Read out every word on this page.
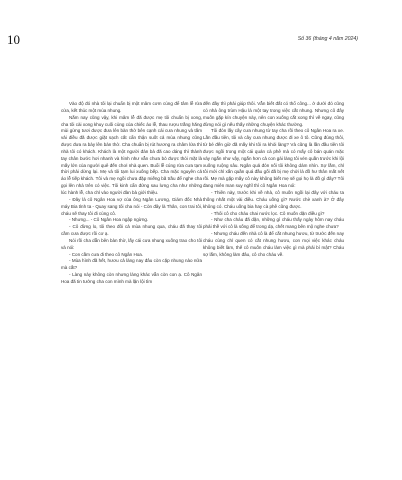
10	Số 36 (tháng 4 năm 2024)

Vào độ đó nhà tôi lại chuẩn bị một mâm cơm cúng để tâm lễ rửa cửa, kết thúc một mùa nhung.

Nắm nay cũng vậy, khi mâm lễ đã được mẹ tôi chuẩn bị xong, cha tôi cài xong khuy cuối cùng của chiếc áo lễ, thau rượu trắng hăng mùi gừng tươi được đưa lên bàn thờ bên cạnh cái cưa nhung và tấm vải điều đã được giặt sạch cất cẩn thận suốt cả mùa nhung cũng được đưa ra bày lên bàn thờ. Cha chuẩn bị rút hương ra châm lửa thì nhà tôi có khách. Khách là một người đàn bà đã cao dáng thì thành tay chân bước hơi nhanh và hình như vẫn chưa bỏ được thói mặt là mấy lớn của người quê đến chơi nhà quen. Buổi lễ cúng rửa cưa tạm thời phải dừng lại. Mẹ và tôi tạm lui xuống bếp. Cha mặc nguyên cả áo lễ tiếp khách. Tôi và mẹ ngồi chưa đặp miếng bã trầu để nghe cha gọi lên nhà trên có việc. Tôi kinh cẩn đứng sau lưng cha như những lúc hành lễ, cha chỉ vào người đàn bà giới thiệu.

- Đây là cô Ngân Hoa vợ của ông Ngân Lương, Giám đốc Nhà máy Bia tỉnh ta - Quay sang tôi cha nói - Còn đây là Thân, con trai tôi, cháu sẽ thay tôi đi cùng cô.

- Nhưng... - Cô Ngân Hoa ngập ngừng.

- Cô đừng lo, tôi theo đôi cả mùa nhung qua, cháu đã thay tôi cầm cưa được rồi cơ ạ.

Nói rồi cha dẫn bên bàn thờ, lấy cái cưa nhung xuống trao cho tôi và nói:

- Con cầm cưa đi theo cô Ngân Hoa.

- Mùa hình đã hết, hươu cả làng nay đâu còn cặp nhung nào nữa mà cắt?

- Làng này không còn nhưng làng khác vẫn còn con ạ. Cô Ngân Hoa đã tin tưởng cha con mình mà lặn lội tìm

đến đây thì phải giúp thôi. Vẫn biết đất có thổ công... ở dưới đó cũng có nhà ông trùm Hậu là một tay trong việc cắt nhung. Nhưng cô đây muốn gặp kín chuyện này, nên con xuống cắt xong thì về ngay, cũng đừng nói gì nếu thấy những chuyện khác thường.

Tôi đón lấy cây cưa nhung từ tay cha rồi theo cô Ngân Hoa ra xe. Lần đầu tiên, tôi và cây cưa nhung được đi xe ô tô. Cũng đúng thôi, từ bé đến giờ đã mấy khi tôi ra khỏi làng? Và cũng là lần đầu tiên tôi được ngồi trong một cái quán cà phê mà có mấy cô bán quán mặc váy ngắn như vậy, ngắn hơn cả con gái làng tôi vén quần trước khi lội xuống ruộng sâu. Ngân quả đón nối tôi không dám nhìn. Sợ lắm, chỉ tôi mới chỉ xắn quần quá đầu gối đã bị mẹ chửi là đồ hư thân mất nết rồi. Mẹ mà gặp mấy cô này không biết mẹ sẽ gọi họ là đồ gì đây? Tôi đang miên man suy nghĩ thì cô Ngân Hoa nói:

- Thiên này, trước khi về nhà, cô muốn ngồi lại đây với cháu ta thống nhất một vài điều. Cháu uống gì? Nước chè xanh à? Ở đây không có. Cháu uống bia hay cà phê cũng được.

- Thôi cô cho cháu chai nước lọc. Cô muốn dặn điều gì?

- Như cha cháu đã dặn, những gì cháu thấy ngày hôm nay cháu phải thề với cô là sống để trong dạ, chết mang bên mộ nghe chưa?

- Nhưng cháu đến nhà cô là để cắt nhung hươu, từ trước đến nay cháu cùng chỉ quen có cắt nhung hươu, con mọi việc khác cháu không biết làm, thế cô muốn cháu làm việc gì mà phải bí mật? Cháu sợ lắm, không làm đâu, cô cho cháu về.
